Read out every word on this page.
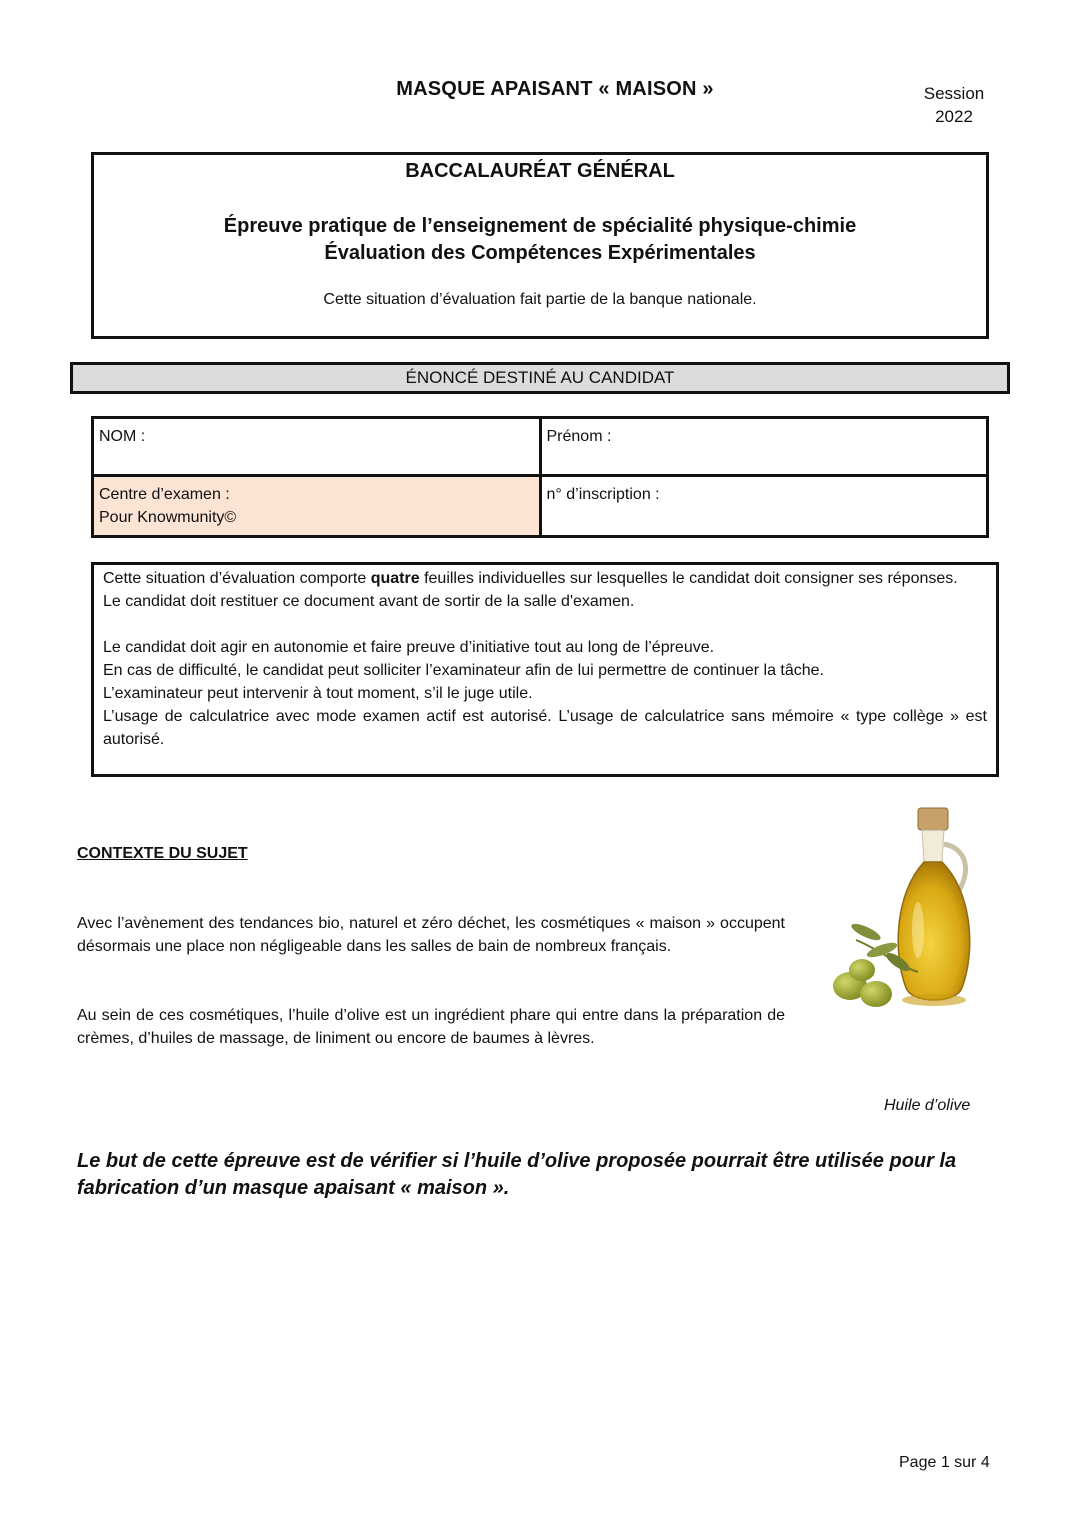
MASQUE APAISANT « MAISON »	Session
2022
BACCALAURÉAT GÉNÉRAL
Épreuve pratique de l’enseignement de spécialité physique-chimie
Évaluation des Compétences Expérimentales
Cette situation d’évaluation fait partie de la banque nationale.
ÉNONCÉ DESTINÉ AU CANDIDAT
NOM :	Prénom :

Centre d’examen :
Pour Knowmunity©	n° d’inscription :

Cette situation d’évaluation comporte quatre feuilles individuelles sur lesquelles le candidat doit consigner ses réponses.

Le candidat doit restituer ce document avant de sortir de la salle d'examen.

Le candidat doit agir en autonomie et faire preuve d’initiative tout au long de l’épreuve.

En cas de difficulté, le candidat peut solliciter l’examinateur afin de lui permettre de continuer la tâche.

L’examinateur peut intervenir à tout moment, s’il le juge utile.

L’usage de calculatrice avec mode examen actif est autorisé. L’usage de calculatrice sans mémoire « type collège » est autorisé.

CONTEXTE DU SUJET
Avec l’avènement des tendances bio, naturel et zéro déchet, les cosmétiques « maison » occupent désormais une place non négligeable dans les salles de bain de nombreux français.
Au sein de ces cosmétiques, l’huile d’olive est un ingrédient phare qui entre dans la préparation de crèmes, d’huiles de massage, de liniment ou encore de baumes à lèvres.
Huile d’olive
Le but de cette épreuve est de vérifier si l’huile d’olive proposée pourrait être utilisée pour la fabrication d’un masque apaisant « maison ».
Page 1 sur 4
